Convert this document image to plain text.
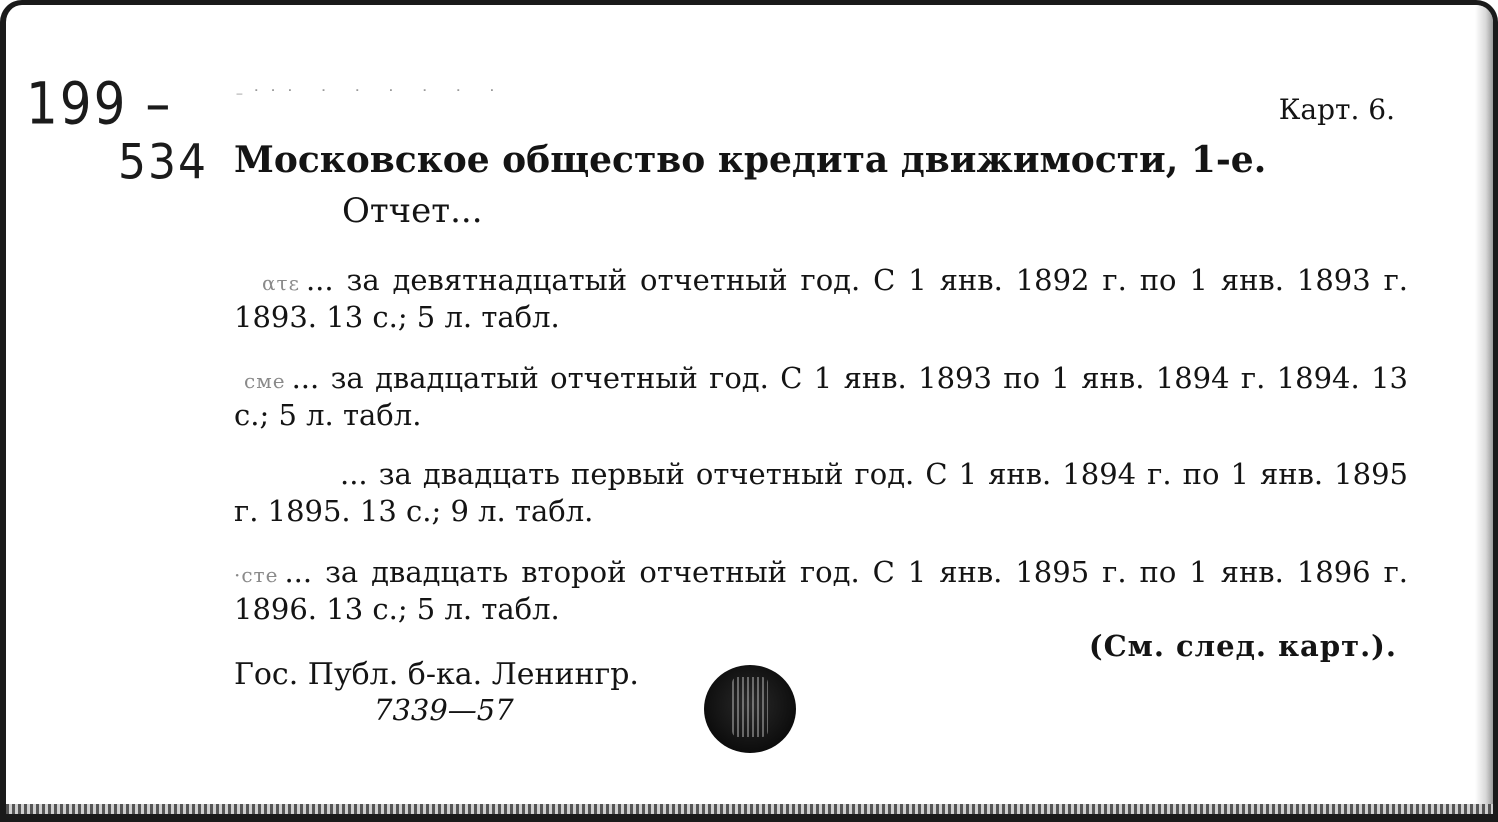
199 –
534
⁻˙˙˙ ˙ ˙ ˙ ˙ ˙ ˙	Карт. 6.
Московское общество кредита движимости, 1-е.
Отчет...
ατε ... за девятнадцатый отчетный год. С 1 янв. 1892 г. по 1 янв. 1893 г. 1893. 13 с.; 5 л. табл.
сме ... за двадцатый отчетный год. С 1 янв. 1893 по 1 янв. 1894 г. 1894. 13 с.; 5 л. табл.
... за двадцать первый отчетный год. С 1 янв. 1894 г. по 1 янв. 1895 г. 1895. 13 с.; 9 л. табл.
·сте ... за двадцать второй отчетный год. С 1 янв. 1895 г. по 1 янв. 1896 г. 1896. 13 с.; 5 л. табл.
(См. след. карт.).
Гос. Публ. б-ка. Ленингр.
7339—57
